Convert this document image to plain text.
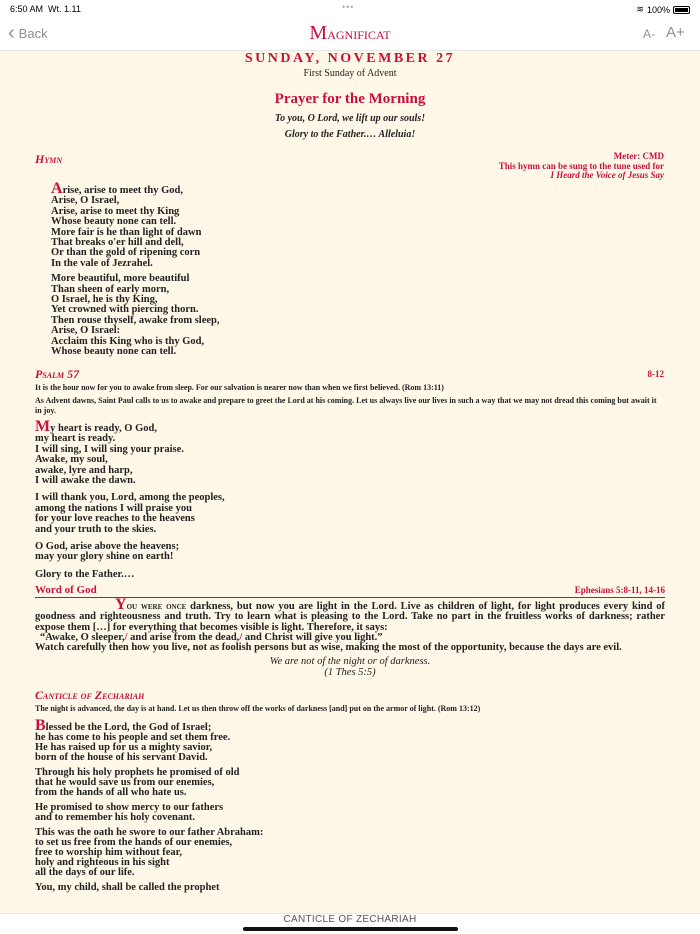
6:50 AM Wt. 1.11	•••	≋ 100%
‹ Back	MAGNIFICAT	A- A+
SUNDAY, NOVEMBER 27
First Sunday of Advent
Prayer for the Morning
To you, O Lord, we lift up our souls!
Glory to the Father.… Alleluia!
Hymn	Meter: CMD
This hymn can be sung to the tune used for
I Heard the Voice of Jesus Say
Arise, arise to meet thy God,
Arise, O Israel,
Arise, arise to meet thy King
Whose beauty none can tell.
More fair is he than light of dawn
That breaks o'er hill and dell,
Or than the gold of ripening corn
In the vale of Jezrahel.
More beautiful, more beautiful
Than sheen of early morn,
O Israel, he is thy King,
Yet crowned with piercing thorn.
Then rouse thyself, awake from sleep,
Arise, O Israel:
Acclaim this King who is thy God,
Whose beauty none can tell.
Psalm 57	8-12
It is the hour now for you to awake from sleep. For our salvation is nearer now than when we first believed. (Rom 13:11)
As Advent dawns, Saint Paul calls to us to awake and prepare to greet the Lord at his coming. Let us always live our lives in such a way that we may not dread this coming but await it in joy.
My heart is ready, O God,
my heart is ready.
I will sing, I will sing your praise.
Awake, my soul,
awake, lyre and harp,
I will awake the dawn.
I will thank you, Lord, among the peoples,
among the nations I will praise you
for your love reaches to the heavens
and your truth to the skies.
O God, arise above the heavens;
may your glory shine on earth!
Glory to the Father.…
Word of God	Ephesians 5:8-11, 14-16
You were once darkness, but now you are light in the Lord. Live as children of light, for light produces every kind of goodness and righteousness and truth. Try to learn what is pleasing to the Lord. Take no part in the fruitless works of darkness; rather expose them […] for everything that becomes visible is light. Therefore, it says:
“Awake, O sleeper,/ and arise from the dead,/ and Christ will give you light.”
Watch carefully then how you live, not as foolish persons but as wise, making the most of the opportunity, because the days are evil.
We are not of the night or of darkness.
(1 Thes 5:5)
Canticle of Zechariah
The night is advanced, the day is at hand. Let us then throw off the works of darkness [and] put on the armor of light. (Rom 13:12)
Blessed be the Lord, the God of Israel;
he has come to his people and set them free.
He has raised up for us a mighty savior,
born of the house of his servant David.
Through his holy prophets he promised of old
that he would save us from our enemies,
from the hands of all who hate us.
He promised to show mercy to our fathers
and to remember his holy covenant.
This was the oath he swore to our father Abraham:
to set us free from the hands of our enemies,
free to worship him without fear,
holy and righteous in his sight
all the days of our life.
You, my child, shall be called the prophet
CANTICLE OF ZECHARIAH
